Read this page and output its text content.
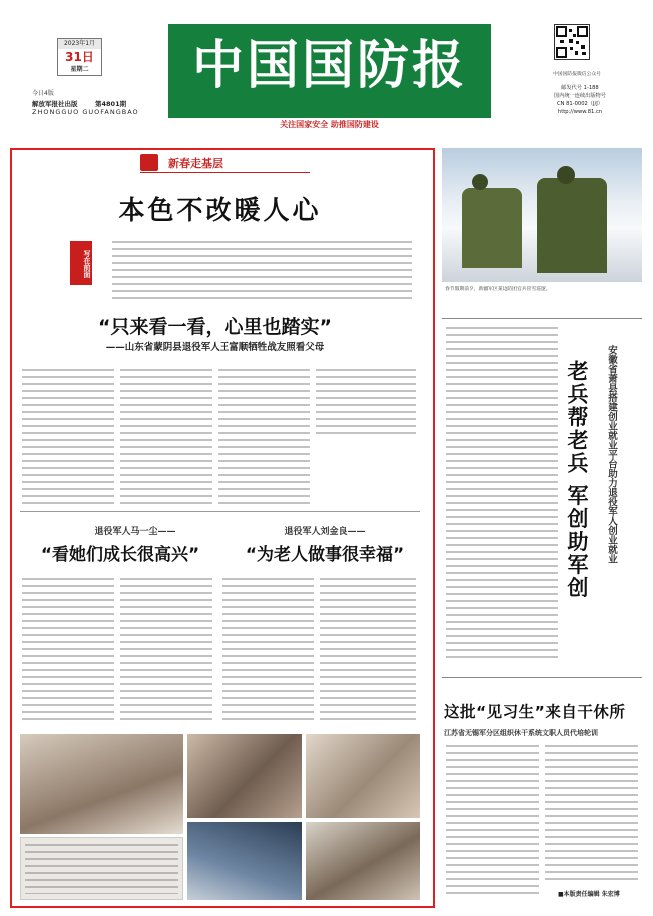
2023年1月
31日
星期二
今日4版
解放军报社出版	第4801期
ZHONGGUO GUOFANGBAO
中国国防报
关注国家安全 助推国防建设
中国国防报微信公众号
邮发代号 1-188
国内统一连续出版物号
CN 81-0002（J/J）
http://www.81.cn
新春走基层
本色不改暖人心
写在前面
“只来看一看，心里也踏实”
——山东省蒙阴县退役军人王富顺牺牲战友照看父母
退役军人马一尘——
“看她们成长很高兴”
退役军人刘金良——
“为老人做事很幸福”
春节假期前夕，新疆军区某边防团官兵冒雪巡逻。
老兵帮老兵 军创助军创	安徽省萧县搭建创业就业平台助力退役军人创业就业
这批“见习生”来自干休所
江苏省无锡军分区组织休干系统文职人员代培轮训
■本版责任编辑 朱宏博
